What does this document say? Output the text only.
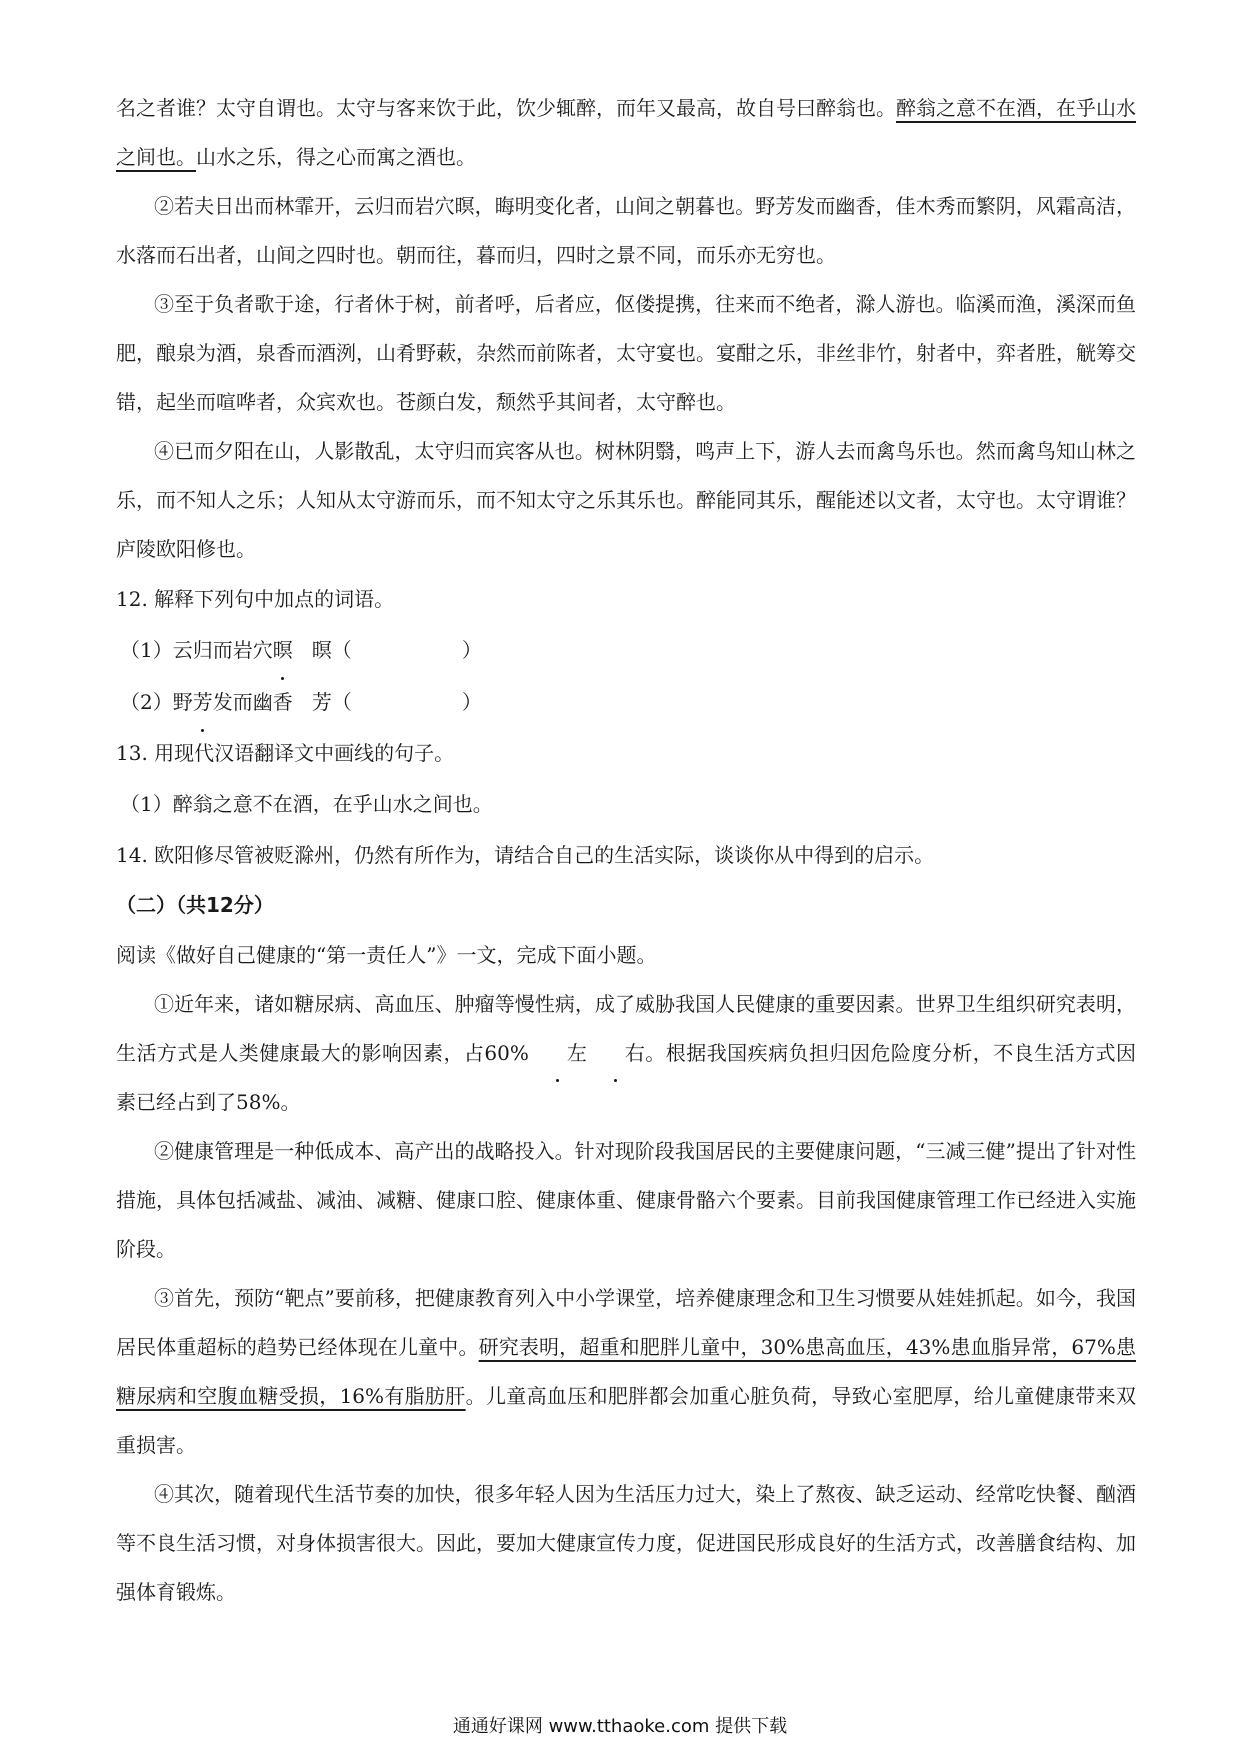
名之者谁？太守自谓也。太守与客来饮于此，饮少辄醉，而年又最高，故自号曰醉翁也。醉翁之意不在酒，在乎山水之间也。山水之乐，得之心而寓之酒也。

②若夫日出而林霏开，云归而岩穴暝，晦明变化者，山间之朝暮也。野芳发而幽香，佳木秀而繁阴，风霜高洁，水落而石出者，山间之四时也。朝而往，暮而归，四时之景不同，而乐亦无穷也。

③至于负者歌于途，行者休于树，前者呼，后者应，伛偻提携，往来而不绝者，滁人游也。临溪而渔，溪深而鱼肥，酿泉为酒，泉香而酒洌，山肴野蔌，杂然而前陈者，太守宴也。宴酣之乐，非丝非竹，射者中，弈者胜，觥筹交错，起坐而喧哗者，众宾欢也。苍颜白发，颓然乎其间者，太守醉也。

④已而夕阳在山，人影散乱，太守归而宾客从也。树林阴翳，鸣声上下，游人去而禽鸟乐也。然而禽鸟知山林之乐，而不知人之乐；人知从太守游而乐，而不知太守之乐其乐也。醉能同其乐，醒能述以文者，太守也。太守谓谁？庐陵欧阳修也。

12. 解释下列句中加点的词语。

（1）云归而岩穴暝 暝（	）

（2）野芳发而幽香 芳（	）

13. 用现代汉语翻译文中画线的句子。

（1）醉翁之意不在酒，在乎山水之间也。

14. 欧阳修尽管被贬滁州，仍然有所作为，请结合自己的生活实际，谈谈你从中得到的启示。

（二）（共12分）

阅读《做好自己健康的“第一责任人”》一文，完成下面小题。

①近年来，诸如糖尿病、高血压、肿瘤等慢性病，成了威胁我国人民健康的重要因素。世界卫生组织研究表明，生活方式是人类健康最大的影响因素，占60% 左 右。根据我国疾病负担归因危险度分析，不良生活方式因素已经占到了58%。

②健康管理是一种低成本、高产出的战略投入。针对现阶段我国居民的主要健康问题，“三减三健”提出了针对性措施，具体包括减盐、减油、减糖、健康口腔、健康体重、健康骨骼六个要素。目前我国健康管理工作已经进入实施阶段。

③首先，预防“靶点”要前移，把健康教育列入中小学课堂，培养健康理念和卫生习惯要从娃娃抓起。如今，我国居民体重超标的趋势已经体现在儿童中。研究表明，超重和肥胖儿童中，30%患高血压，43%患血脂异常，67%患糖尿病和空腹血糖受损，16%有脂肪肝。儿童高血压和肥胖都会加重心脏负荷，导致心室肥厚，给儿童健康带来双重损害。

④其次，随着现代生活节奏的加快，很多年轻人因为生活压力过大，染上了熬夜、缺乏运动、经常吃快餐、酗酒等不良生活习惯，对身体损害很大。因此，要加大健康宣传力度，促进国民形成良好的生活方式，改善膳食结构、加强体育锻炼。

通通好课网 www.tthaoke.com 提供下载
